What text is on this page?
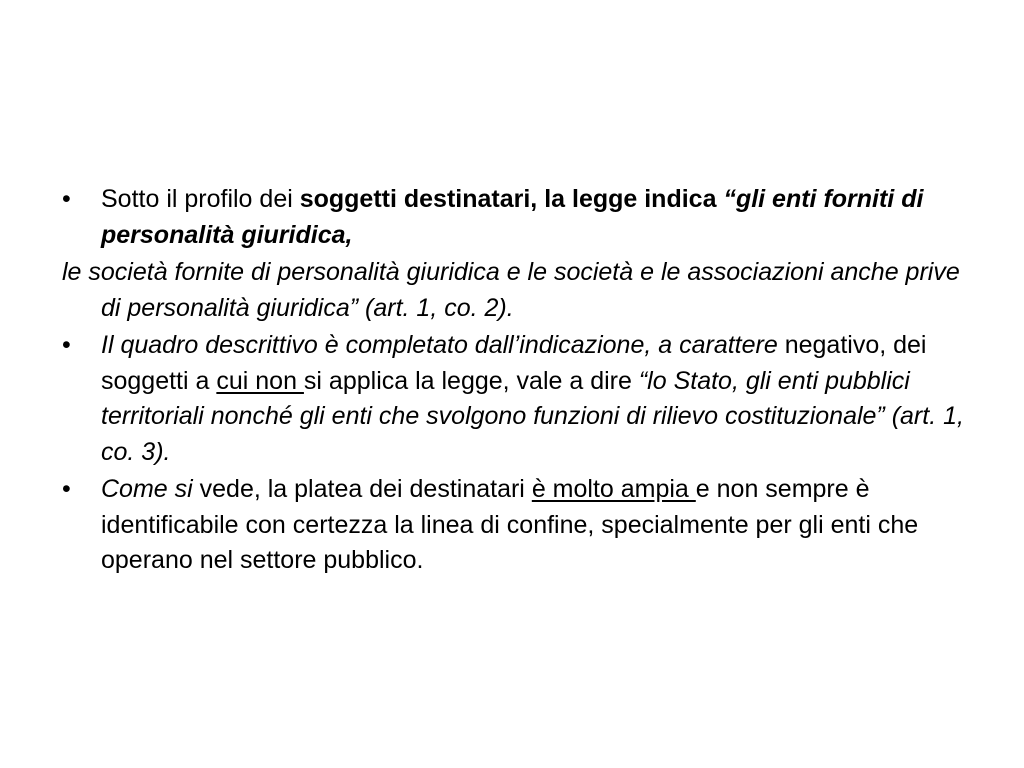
•	Sotto il profilo dei soggetti destinatari, la legge indica “gli enti forniti di personalità giuridica,

le società fornite di personalità giuridica e le società e le associazioni anche prive di personalità giuridica” (art. 1, co. 2).

•	Il quadro descrittivo è completato dall’indicazione, a carattere negativo, dei soggetti a cui non si applica la legge, vale a dire “lo Stato, gli enti pubblici territoriali nonché gli enti che svolgono funzioni di rilievo costituzionale” (art. 1, co. 3).

•	Come si vede, la platea dei destinatari è molto ampia e non sempre è identificabile con certezza la linea di confine, specialmente per gli enti che operano nel settore pubblico.
